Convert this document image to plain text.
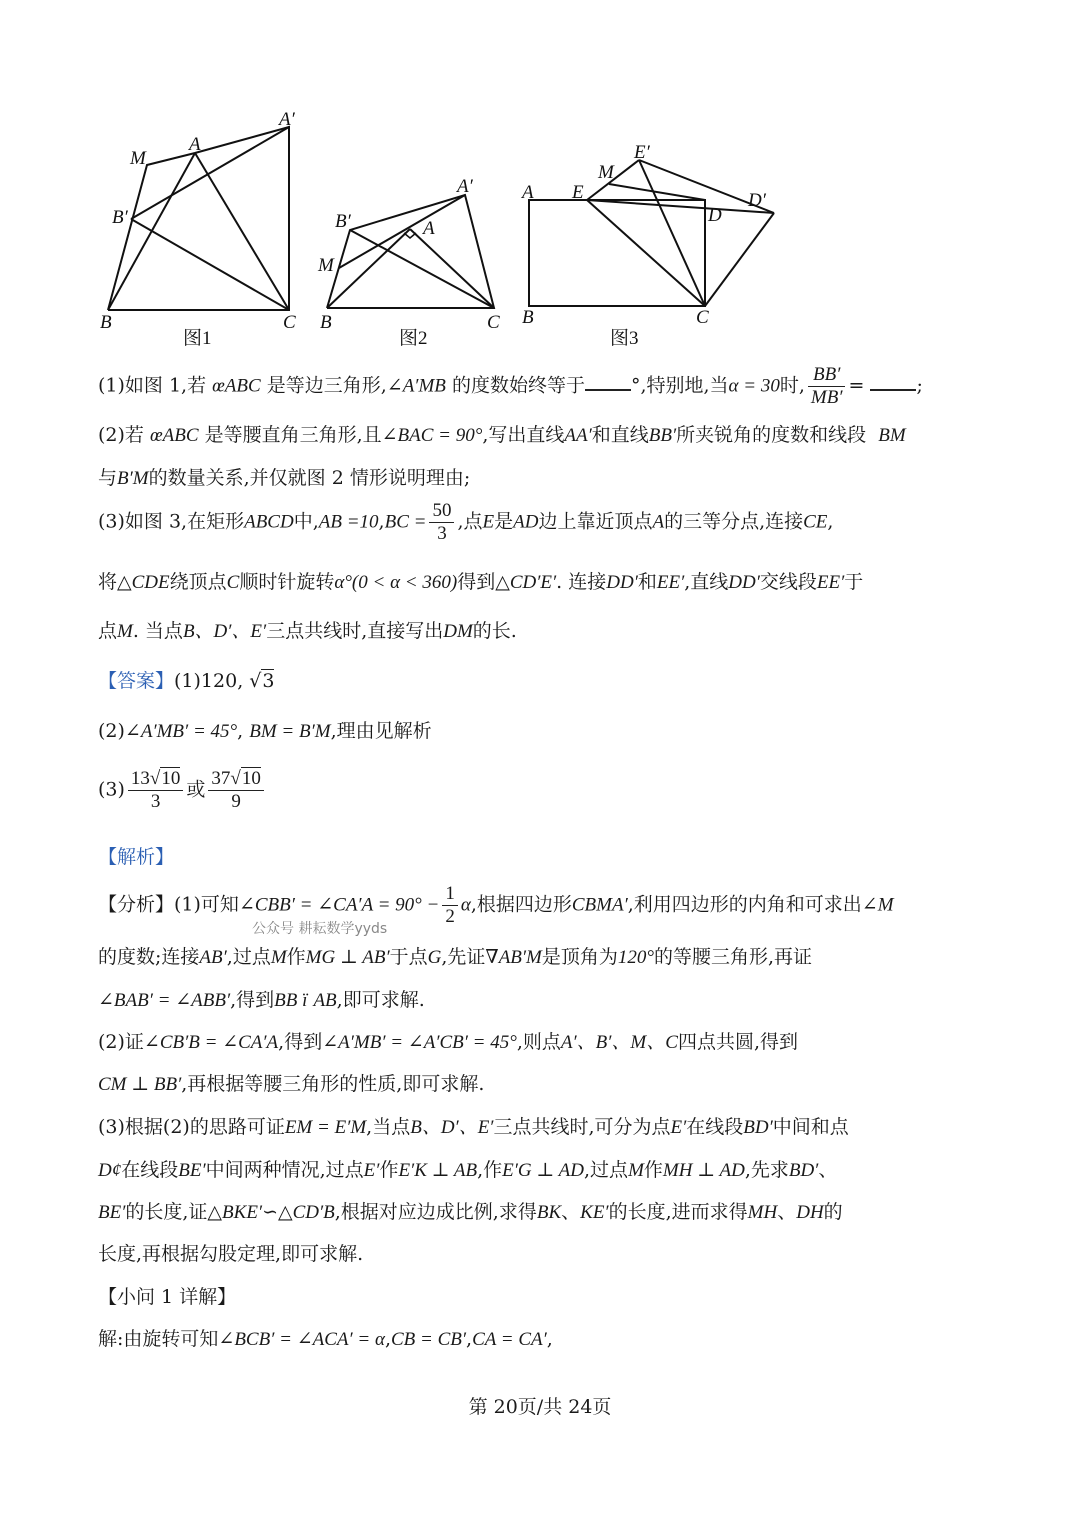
M
A
A′
B′
B	C
B′
A′
A
M
B	C
A E
M
E′
D
D′
B	C
图1	图2	图3
(1)如图 1,若 œABC 是等边三角形,∠A′MB 的度数始终等于 °,特别地,当α = 30时, $\frac{BB'}{MB'}$ =	;
(2)若 œABC 是等腰直角三角形,且∠BAC = 90°,写出直线AA′和直线BB′所夹锐角的度数和线段 BM
与B′M的数量关系,并仅就图 2 情形说明理由;
(3)如图 3,在矩形ABCD中$,AB =10,BC = \frac{50}{3}$ ,点E是AD边上靠近顶点A的三等分点,连接CE,
将△CDE绕顶点C顺时针旋转α°(0 < α < 360)得到△CD′E′. 连接DD′和EE′,直线DD′交线段EE′于
点M. 当点B、D′、E′三点共线时,直接写出DM的长.
【答案】(1)120, √3
(2)∠A′MB′ = 45°, BM = B′M,理由见解析
$(3) \frac{13√10}{3}$ 或 $\frac{37√10}{9}$
【解析】
【分析】(1)可知∠CBB′ = ∠CA′A = $90^\circ - \frac{1}{2} \alpha$,根据四边形CBMA′,利用四边形的内角和可求出∠M
公众号 耕耘数学yyds
的度数;连接AB′,过点M作MG ⊥ AB′于点G,先证∇AB′M是顶角为120°的等腰三角形,再证
∠BAB′ = ∠ABB′,得到BB ï AB,即可求解.
(2)证∠CB′B = ∠CA′A,得到∠A′MB′ = ∠A′CB′ = 45°,则点A′、B′、M、C四点共圆,得到
CM ⊥ BB′,再根据等腰三角形的性质,即可求解.
(3)根据(2)的思路可证EM = E′M,当点B、D′、E′三点共线时,可分为点E′在线段BD′中间和点
D¢在线段BE′中间两种情况,过点E′作E′K ⊥ AB,作E′G ⊥ AD,过点M作MH ⊥ AD,先求BD′、
BE′的长度,证△BKE′∽△CD′B,根据对应边成比例,求得BK、KE′的长度,进而求得MH、DH的
长度,再根据勾股定理,即可求解.
【小问 1 详解】
解:由旋转可知∠BCB′ = ∠ACA′ = α,CB = CB′,CA = CA′,
第 20页/共 24页
